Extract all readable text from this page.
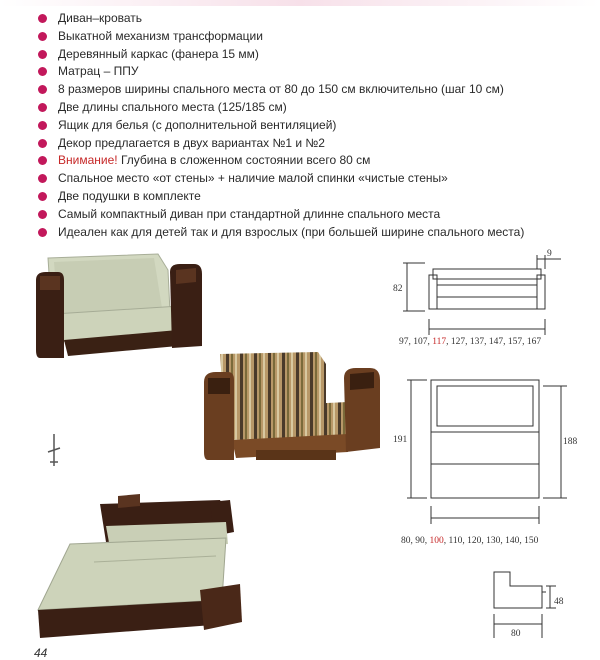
Диван–кровать
Выкатной механизм трансформации
Деревянный каркас (фанера 15 мм)
Матрац – ППУ
8 размеров ширины спального места от 80 до 150 см включительно (шаг 10 см)
Две длины спального места (125/185 см)
Ящик для белья (с дополнительной вентиляцией)
Декор предлагается в двух вариантах №1 и №2
Внимание! Глубина в сложенном состоянии всего 80 см
Спальное место «от стены» + наличие малой спинки «чистые стены»
Две подушки в комплекте
Самый компактный диван при стандартной длинне спального места
Идеален как для детей так и для взрослых (при большей ширине спального места)
82
9
97, 107, 117, 127, 137, 147, 157, 167
191	188
80, 90, 100, 110, 120, 130, 140, 150
48
80
44
